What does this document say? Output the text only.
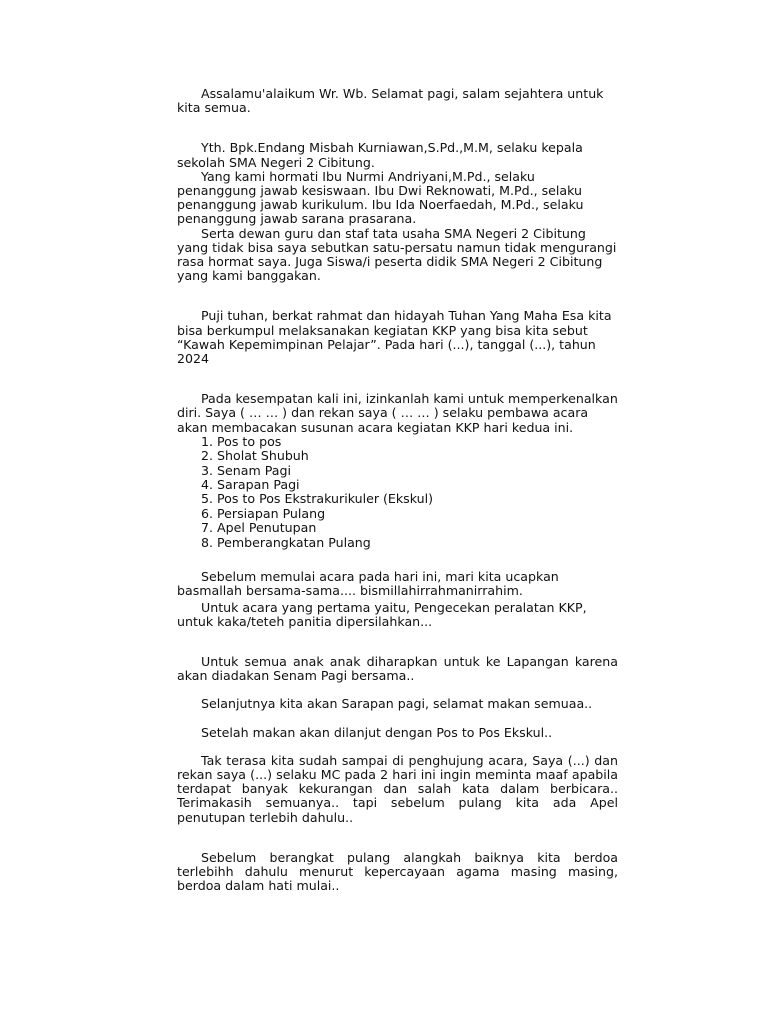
Assalamu'alaikum Wr. Wb. Selamat pagi, salam sejahtera untuk kita semua.

Yth. Bpk.Endang Misbah Kurniawan,S.Pd.,M.M, selaku kepala sekolah SMA Negeri 2 Cibitung.

Yang kami hormati Ibu Nurmi Andriyani,M.Pd., selaku penanggung jawab kesiswaan. Ibu Dwi Reknowati, M.Pd., selaku penanggung jawab kurikulum. Ibu Ida Noerfaedah, M.Pd., selaku penanggung jawab sarana prasarana.

Serta dewan guru dan staf tata usaha SMA Negeri 2 Cibitung yang tidak bisa saya sebutkan satu-persatu namun tidak mengurangi rasa hormat saya. Juga Siswa/i peserta didik SMA Negeri 2 Cibitung yang kami banggakan.

Puji tuhan, berkat rahmat dan hidayah Tuhan Yang Maha Esa kita bisa berkumpul melaksanakan kegiatan KKP yang bisa kita sebut “Kawah Kepemimpinan Pelajar”. Pada hari (...), tanggal (...), tahun 2024

Pada kesempatan kali ini, izinkanlah kami untuk memperkenalkan diri. Saya ( … … ) dan rekan saya ( … … ) selaku pembawa acara akan membacakan susunan acara kegiatan KKP hari kedua ini.

1. Pos to pos
2. Sholat Shubuh
3. Senam Pagi
4. Sarapan Pagi
5. Pos to Pos Ekstrakurikuler (Ekskul)
6. Persiapan Pulang
7. Apel Penutupan
8. Pemberangkatan Pulang

Sebelum memulai acara pada hari ini, mari kita ucapkan basmallah bersama-sama.... bismillahirrahmanirrahim.

Untuk acara yang pertama yaitu, Pengecekan peralatan KKP, untuk kaka/teteh panitia dipersilahkan...

Untuk semua anak anak diharapkan untuk ke Lapangan karena akan diadakan Senam Pagi bersama..

Selanjutnya kita akan Sarapan pagi, selamat makan semuaa..

Setelah makan akan dilanjut dengan Pos to Pos Ekskul..

Tak terasa kita sudah sampai di penghujung acara, Saya (...) dan rekan saya (...) selaku MC pada 2 hari ini ingin meminta maaf apabila terdapat banyak kekurangan dan salah kata dalam berbicara.. Terimakasih semuanya.. tapi sebelum pulang kita ada Apel penutupan terlebih dahulu..

Sebelum berangkat pulang alangkah baiknya kita berdoa terlebihh dahulu menurut kepercayaan agama masing masing, berdoa dalam hati mulai..
